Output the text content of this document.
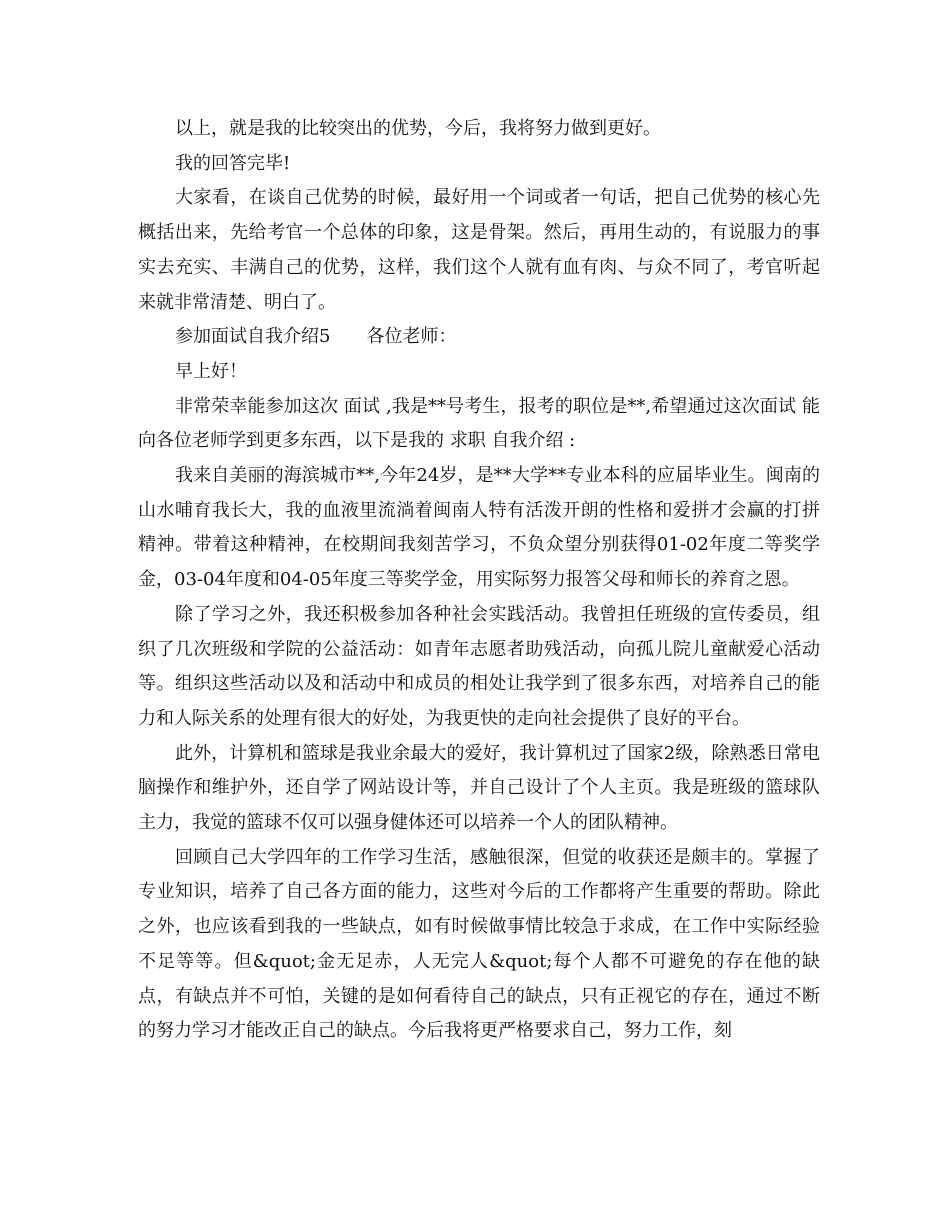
以上，就是我的比较突出的优势，今后，我将努力做到更好。

我的回答完毕!

大家看，在谈自己优势的时候，最好用一个词或者一句话，把自己优势的核心先概括出来，先给考官一个总体的印象，这是骨架。然后，再用生动的，有说服力的事实去充实、丰满自己的优势，这样，我们这个人就有血有肉、与众不同了，考官听起来就非常清楚、明白了。

参加面试自我介绍5　　各位老师：

早上好！

非常荣幸能参加这次 面试 ,我是**号考生，报考的职位是**,希望通过这次面试 能向各位老师学到更多东西，以下是我的 求职 自我介绍 :

我来自美丽的海滨城市**,今年24岁，是**大学**专业本科的应届毕业生。闽南的山水哺育我长大，我的血液里流淌着闽南人特有活泼开朗的性格和爱拼才会赢的打拼精神。带着这种精神，在校期间我刻苦学习，不负众望分别获得01-02年度二等奖学金，03-04年度和04-05年度三等奖学金，用实际努力报答父母和师长的养育之恩。

除了学习之外，我还积极参加各种社会实践活动。我曾担任班级的宣传委员，组织了几次班级和学院的公益活动：如青年志愿者助残活动，向孤儿院儿童献爱心活动等。组织这些活动以及和活动中和成员的相处让我学到了很多东西，对培养自己的能力和人际关系的处理有很大的好处，为我更快的走向社会提供了良好的平台。

此外，计算机和篮球是我业余最大的爱好，我计算机过了国家2级，除熟悉日常电脑操作和维护外，还自学了网站设计等，并自己设计了个人主页。我是班级的篮球队主力，我觉的篮球不仅可以强身健体还可以培养一个人的团队精神。

回顾自己大学四年的工作学习生活，感触很深，但觉的收获还是颇丰的。掌握了专业知识，培养了自己各方面的能力，这些对今后的工作都将产生重要的帮助。除此之外，也应该看到我的一些缺点，如有时候做事情比较急于求成，在工作中实际经验不足等等。但&quot;金无足赤，人无完人&quot;每个人都不可避免的存在他的缺点，有缺点并不可怕，关键的是如何看待自己的缺点，只有正视它的存在，通过不断的努力学习才能改正自己的缺点。今后我将更严格要求自己，努力工作，刻
